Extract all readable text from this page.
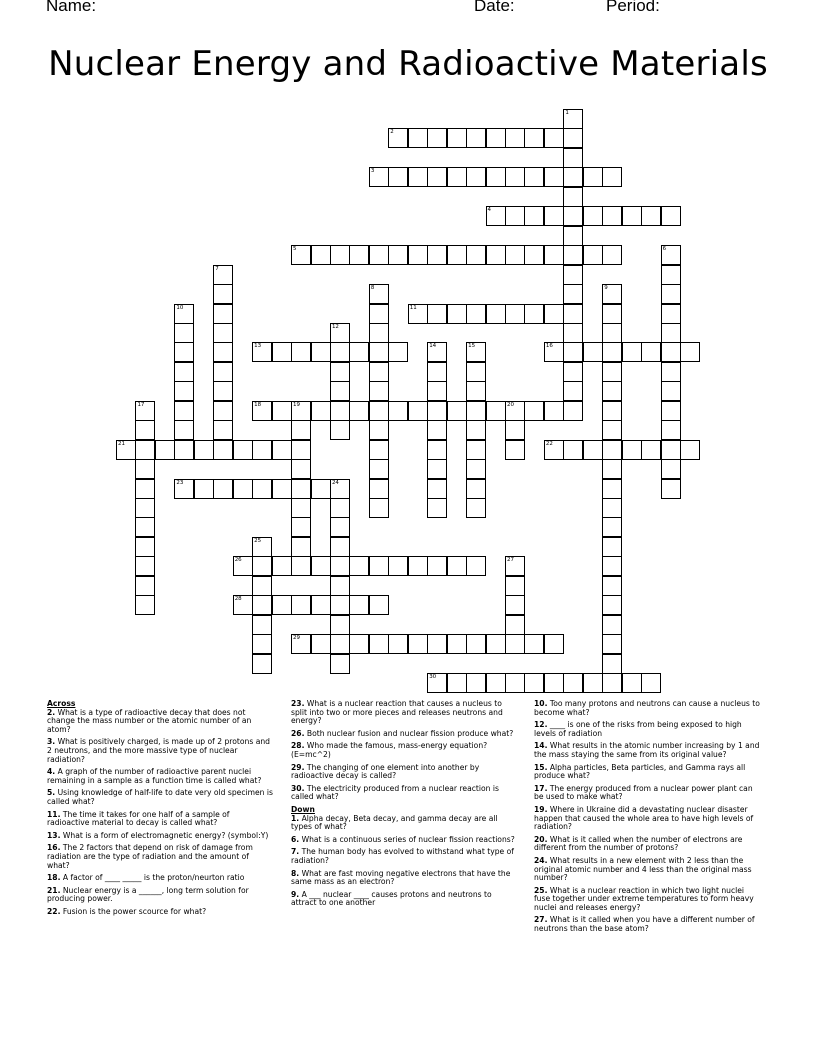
Name:	Date:	Period:
Nuclear Energy and Radioactive Materials
1
2
3
4
5	6
7
8	9
10	11
12
13	14	15	16
17	18	19	20
21	22
23	24
25
26	27
28
29
30
Across
2. What is a type of radioactive decay that does not change the mass number or the atomic number of an atom?
3. What is positively charged, is made up of 2 protons and 2 neutrons, and the more massive type of nuclear radiation?
4. A graph of the number of radioactive parent nuclei remaining in a sample as a function time is called what?
5. Using knowledge of half-life to date very old specimen is called what?
11. The time it takes for one half of a sample of radioactive material to decay is called what?
13. What is a form of electromagnetic energy? (symbol:Y)
16. The 2 factors that depend on risk of damage from radiation are the type of radiation and the amount of what?
18. A factor of ____ _____ is the proton/neurton ratio
21. Nuclear energy is a ______, long term solution for producing power.
22. Fusion is the power scource for what?
23. What is a nuclear reaction that causes a nucleus to split into two or more pieces and releases neutrons and energy?
26. Both nuclear fusion and nuclear fission produce what?
28. Who made the famous, mass-energy equation?(E=mc^2)
29. The changing of one element into another by radioactive decay is called?
30. The electricity produced from a nuclear reaction is called what?
Down
1. Alpha decay, Beta decay, and gamma decay are all types of what?
6. What is a continuous series of nuclear fission reactions?
7. The human body has evolved to withstand what type of radiation?
8. What are fast moving negative electrons that have the same mass as an electron?
9. A ___ nuclear ____ causes protons and neutrons to attract to one another
10. Too many protons and neutrons can cause a nucleus to become what?
12. ____ is one of the risks from being exposed to high levels of radiation
14. What results in the atomic number increasing by 1 and the mass staying the same from its original value?
15. Alpha particles, Beta particles, and Gamma rays all produce what?
17. The energy produced from a nuclear power plant can be used to make what?
19. Where in Ukraine did a devastating nuclear disaster happen that caused the whole area to have high levels of radiation?
20. What is it called when the number of electrons are different from the number of protons?
24. What results in a new element with 2 less than the original atomic number and 4 less than the original mass number?
25. What is a nuclear reaction in which two light nuclei fuse together under extreme temperatures to form heavy nuclei and releases energy?
27. What is it called when you have a different number of neutrons than the base atom?
